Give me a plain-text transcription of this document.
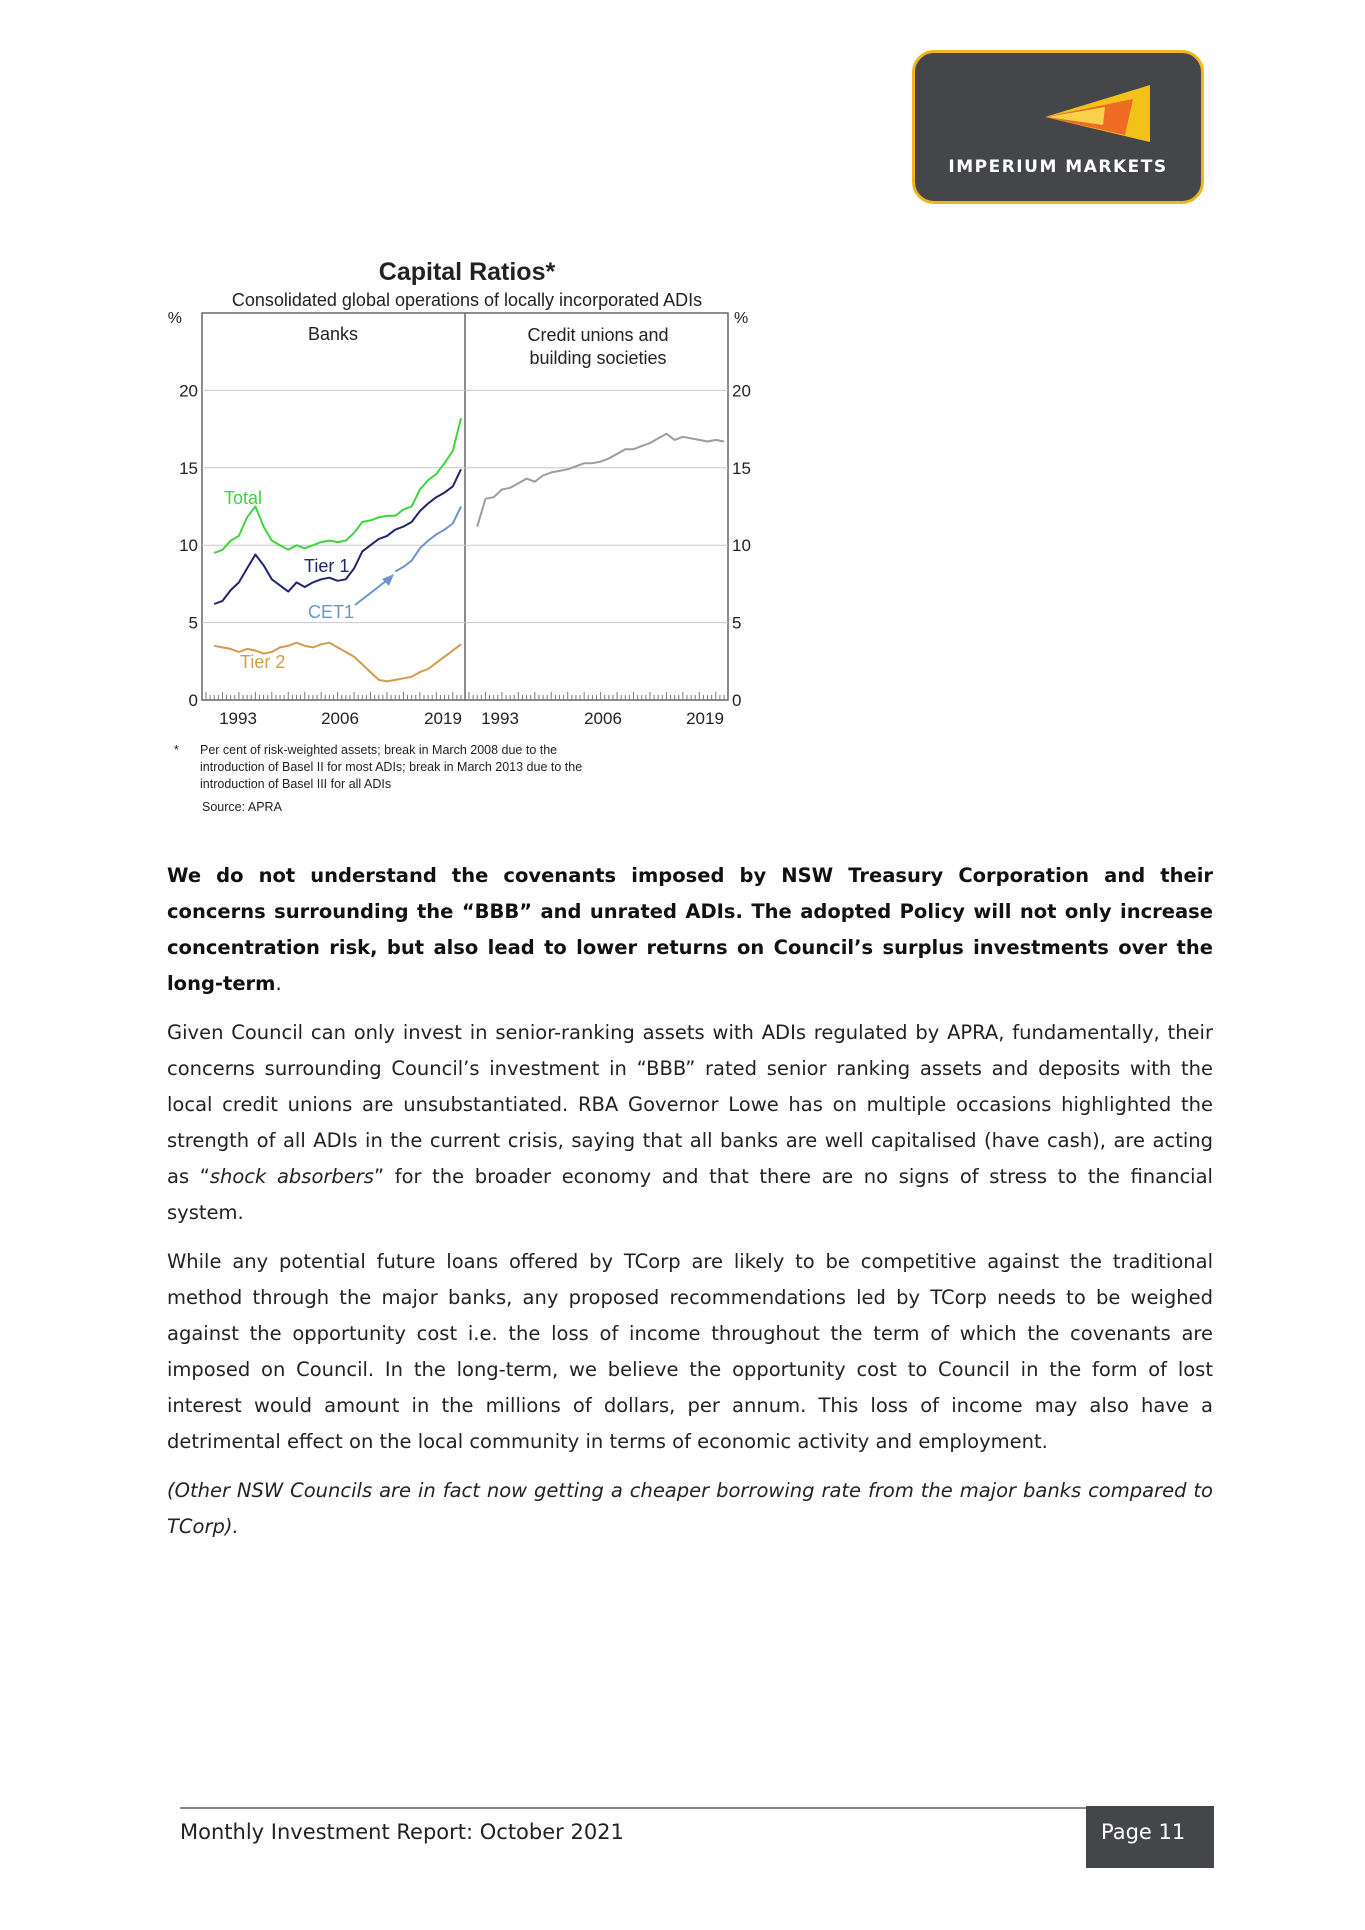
IMPERIUM MARKETS
Capital Ratios*
Consolidated global operations of locally incorporated ADIs
%	%
Banks	Credit unions and
building societies
0
5
10
15
20
0
5
10
15
20
1993	2006	2019 1993	2006	2019
Total
Tier 1
CET1
Tier 2
* Per cent of risk-weighted assets; break in March 2008 due to the
introduction of Basel II for most ADIs; break in March 2013 due to the
introduction of Basel III for all ADIs
Source: APRA

We do not understand the covenants imposed by NSW Treasury Corporation and their concerns surrounding the “BBB” and unrated ADIs. The adopted Policy will not only increase concentration risk, but also lead to lower returns on Council’s surplus investments over the long-term.

Given Council can only invest in senior-ranking assets with ADIs regulated by APRA, fundamentally, their concerns surrounding Council’s investment in “BBB” rated senior ranking assets and deposits with the local credit unions are unsubstantiated. RBA Governor Lowe has on multiple occasions highlighted the strength of all ADIs in the current crisis, saying that all banks are well capitalised (have cash), are acting as “shock absorbers” for the broader economy and that there are no signs of stress to the financial system.

While any potential future loans offered by TCorp are likely to be competitive against the traditional method through the major banks, any proposed recommendations led by TCorp needs to be weighed against the opportunity cost i.e. the loss of income throughout the term of which the covenants are imposed on Council. In the long-term, we believe the opportunity cost to Council in the form of lost interest would amount in the millions of dollars, per annum. This loss of income may also have a detrimental effect on the local community in terms of economic activity and employment.

(Other NSW Councils are in fact now getting a cheaper borrowing rate from the major banks compared to TCorp).

Monthly Investment Report: October 2021	Page 11
